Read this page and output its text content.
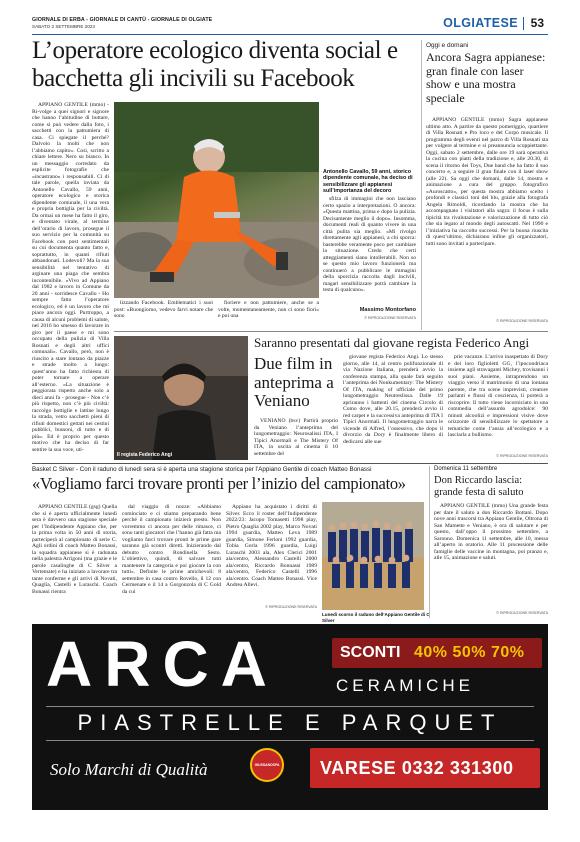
GIORNALE DI ERBA - GIORNALE DI CANTÙ - GIORNALE DI OLGIATE
SABATO 2 SETTEMBRE 2023	OLGIATESE 53
L’operatore ecologico diventa social e bacchetta gli incivili su Facebook

APPIANO GENTILE (mmo) - Ri-volge a quei signori e signore che hanno l’abitudine di buttare, come si può vedere dalla foto, i sacchetti con la pattumiera di casa. Ci spiegate il perché? Dalvolo la molti che non l’abbiamo capito». Così, scritto a chiare lettere. Nero su bianco. In un messaggio corredato da esplicite fotografie che «incastrano» i responsabili. Ci di tale parole, quella inviata da Antonello Cavallo, 59 anni, operatore ecologico e storica dipendente comunale, il una vera e propria bottiglia per la civiltà. Da ormai un mese ha fatto il giro, e diventato virale, al termine dell’orario di lavoro, prosegue il suo servizio per la comunità su Facebook con post sentimentali su cui documenta quanto fatto e, soprattutto, in quanti rifiuti abbandonati. Lodevoli? Ma la sua sensibilità nel tentativo di arginare una piaga che sembra incontenibile. «Vivo ad Appiano dal 1982 e lavoro in Comune da 20 anni - sorridesce Cavallo - Ho sempre fatto l’operatore ecologico, ed è un lavoro che mi piace ancora oggi. Purtroppo, a causa di alcuni problemi di salute, nel 2016 ho smesso di lavorare in giro per il paese e mi sono occupato della pulizia di Villa Rosnati e degli altri uffici comunali». Cavallo, però, non è riuscito a stare lontano da piazze e strade molto a lungo: quest’anno ha fatto richiesta di poter tornare a operare all’esterno. «La situazione è peggiorata rispetto anche solo a dieci anni fa - prosegue - Non c’è più rispetto, non c’è più civiltà: raccolgo bottiglie e lattine lungo la strada, vetro sacchetti pieni di rifiuti domestici gettati nei cestini pubblici, bussoni, di tutto e di più». Ed è proprio per questo motivo che ha deciso di far sentire la sua voce, uti-

Antonello Cavallo, 59 anni, storico dipendente comunale, ha deciso di sensibilizzare gli appianesi sull’importanza del decoro

lizzando Facebook. Emblematici i suoi post: «Buongiorno, vedevo farvi notare che sono

fioriere e non pattumiere, anche se a volte, momentaneamente, non ci sono fiori» e poi una

sfilza di immagini che non lasciano certo spazio a interpretazioni. O ancora: «Questa mattina, prima e dopo la pulizia. Decisamente meglio il dopo». Insomma, documenti reali di quanto vivere in una città pulita sia meglio. «Mi rivolgo direttamente agli appianesi, a chi sporca: basterebbe veramente poco per cambiare la situazione. Credo che certi atteggiamenti siano intollerabili. Non so se questo mio lavoro funzionerà ma continuerò a pubblicare le immagini della sporcizia raccolta dagli incivili, magari sensibilizzare potrà cambiare la testa di qualcuno».

Massimo Montorfano
© RIPRODUZIONE RISERVATA
Oggi e domani
Ancora Sagra appianese: gran finale con laser show e una mostra speciale

APPIANO GENTILE (mmo) Sagra appianese ultimo atto. A partire da questo pomeriggio, quartiere di Villa Rosnati e Pro loco e del Corpo musicale. Il programma degli eventi nel parco di Villa Rosnati sta per volgere al termine e si preannuncia scoppiettante. Oggi, sabato 2 settembre, dalle ore 19 sarà operativa la cucina con piatti della tradizione e, alle 20.30, di scena il ritorno dei Toys, Due band che ha fatto il suo concerto e, a seguire il gran finale con il laser show (alle 22). Sa oggi che domani, dalle 14, mostra e animazione a cura del gruppo fotografico «Auroscatto», per questa mostra abbiamo scelto i profondi e classici toni del blu, grazie alla fotografa Angela Rimoldi, ricordando la mostra che ha accompagnato i visitatori alla sagra: il focus è sulla tipicità tra rivalutazione e valorizzazione di tutto ciò che sia legato al mondo degli autoscatti. Nel 1990 e l’iniziativa ha raccolto successi. Per la buona riuscita di quest’ultimo, dichiarano infine gli organizzatori, tutti sono invitati a partecipare.

© RIPRODUZIONE RISERVATA
Saranno presentati dal giovane regista Federico Angi
Il regista Federico Angi
Due film in anteprima a Veniano

VENIANO (bsv) Partirà proprio da Veniano l’anteprima del lungometraggio: Neurosalissi ITA, I Tipici Anormali e The Mistery Of ITA, in uscita al cinema il 10 settembre del

giovane regista Federico Angi. Lo stesso giorno, alle 14, al centro polifunzionale di via Nazione Italiana, prenderà avvio la conferenza stampa, alla quale farà seguito l’anteprima dei Nonkumentary: The Mistery Of ITA, making of ufficiale del primo lungometraggio Neutreslissa. Dalle 19 apriranno i battenti del cinema Circolo di Como dove, alle 20.15, prenderà avvio il red carpet e la successiva anteprima di ITA I Tipici Anormali. Il lungometraggio narra le vicende di Alfred, l’ossessivo, che dopo il divorzio da Dory è finalmente libero di dedicarsi alle sue

prie vacanze. L’arrivo inaspettato di Dory e dei loro figlioletti GG, l’ipocondriaca insieme agli stravaganti Michey, trovisanni i suoi piani. Assieme, intraprendono un viaggio verso il matrimonio di una lontana parente, che tra scene imprevisti, creature parlanti e flussi di coscienza, li porterà a riscoprire. Il tutto viene incorniciato in una commedia dell’assurdo agrodolce: 90 minuti alcoolizi e impressioni visive dove orizzonte di sensibilizzare lo spettatore a tematiche come l’ansia all’ecologico e a lasciarla a bullismo.

© RIPRODUZIONE RISERVATA
Basket C Silver - Con il raduno di lunedì sera si è aperta una stagione storica per l’Appiano Gentile di coach Matteo Bonassi
«Vogliamo farci trovare pronti per l’inizio del campionato»

APPIANO GENTILE (gsg) Quella che si è aperta ufficialmente lunedì sera è davvero una stagione speciale per l’Indipendente Appiano che, per la prima volta in 50 anni di storia, parteciperà al campionato di serie C. Agli ordini di coach Matteo Bonassi, la squadra appianese si è radunata nella palestra Arrigoni (ma grazie e le parole casalinghe di C Silver a Vertemate) e ha iniziato a lavorare tra tante conferme e gli arrivi di Novati, Quaglia, Castelli e Luraschi. Coach Bonassi rientra

dal viaggio di nozze: «Abbiamo cominciato e ci stiamo preparando bene perché il campionato inizierà presto. Non vorremmo ci ancora per delle rimasce, ci sono tanti giocatori che l’hanno già fatta ma vogliamo farci trovare pronti le prime gare saranno già scontri diretti. Inizierando dal debutto contro Rondinella Sesto. L’obiettivo, quindi, di salvare tutti mantenere la categoria e poi giocare la con tutti». Definite le prime amichevoli: 8 settembre in casa contro Rovello, il 12 con Cermenate e il 14 a Gorgonzola di C Gold da cui

Appiano ha acquistato i diritti di Silver. Ecco il roster dell’Indipendente 2022/23: Jacopo Tomasetti 1998 play, Pietro Quaglia 2002 play, Marco Novati 1994 guardia, Matteo Leva 1989 guardia, Simone Ferloni 1992 guardia, Tobia Gorla 1996 guardia, Luigi Luraschi 2003 ala, Alex Clerici 2001 ala/centro, Alessandro Castelli 2000 ala/centro, Riccardo Bonnassi 1989 ala/centro, Federico Castelli 1996 ala/centro. Coach Matteo Bonassi. Vice Andrea Allevi.

© RIPRODUZIONE RISERVATA
Lunedì scorso il raduno dell’Appiano Gentile di C Silver
Domenica 11 settembre
Don Riccardo lascia: grande festa di saluto

APPIANO GENTILE (mmo) Una grande festa per dare il saluto a don Riccardo Bottani. Dopo nove anni trascorsi tra Appiano Gentile, Oltrona di San Mamette e Veniano, è ora di salutare e per questo, dall’oppo il prossimo settembre, a Saronno. Domenica 11 settembre, alle 10, messa all’aperto in oratorio. Alle 11 processione delle famiglie delle vaccine in montagna, poi pranzo e, alle 15, animazione e saluti.

© RIPRODUZIONE RISERVATA
ARCA	SCONTI 40% 50% 70%
CERAMICHE
PIASTRELLE E PARQUET
Solo Marchi di Qualità	GIUSSANOSPA VARESE 0332 331300
